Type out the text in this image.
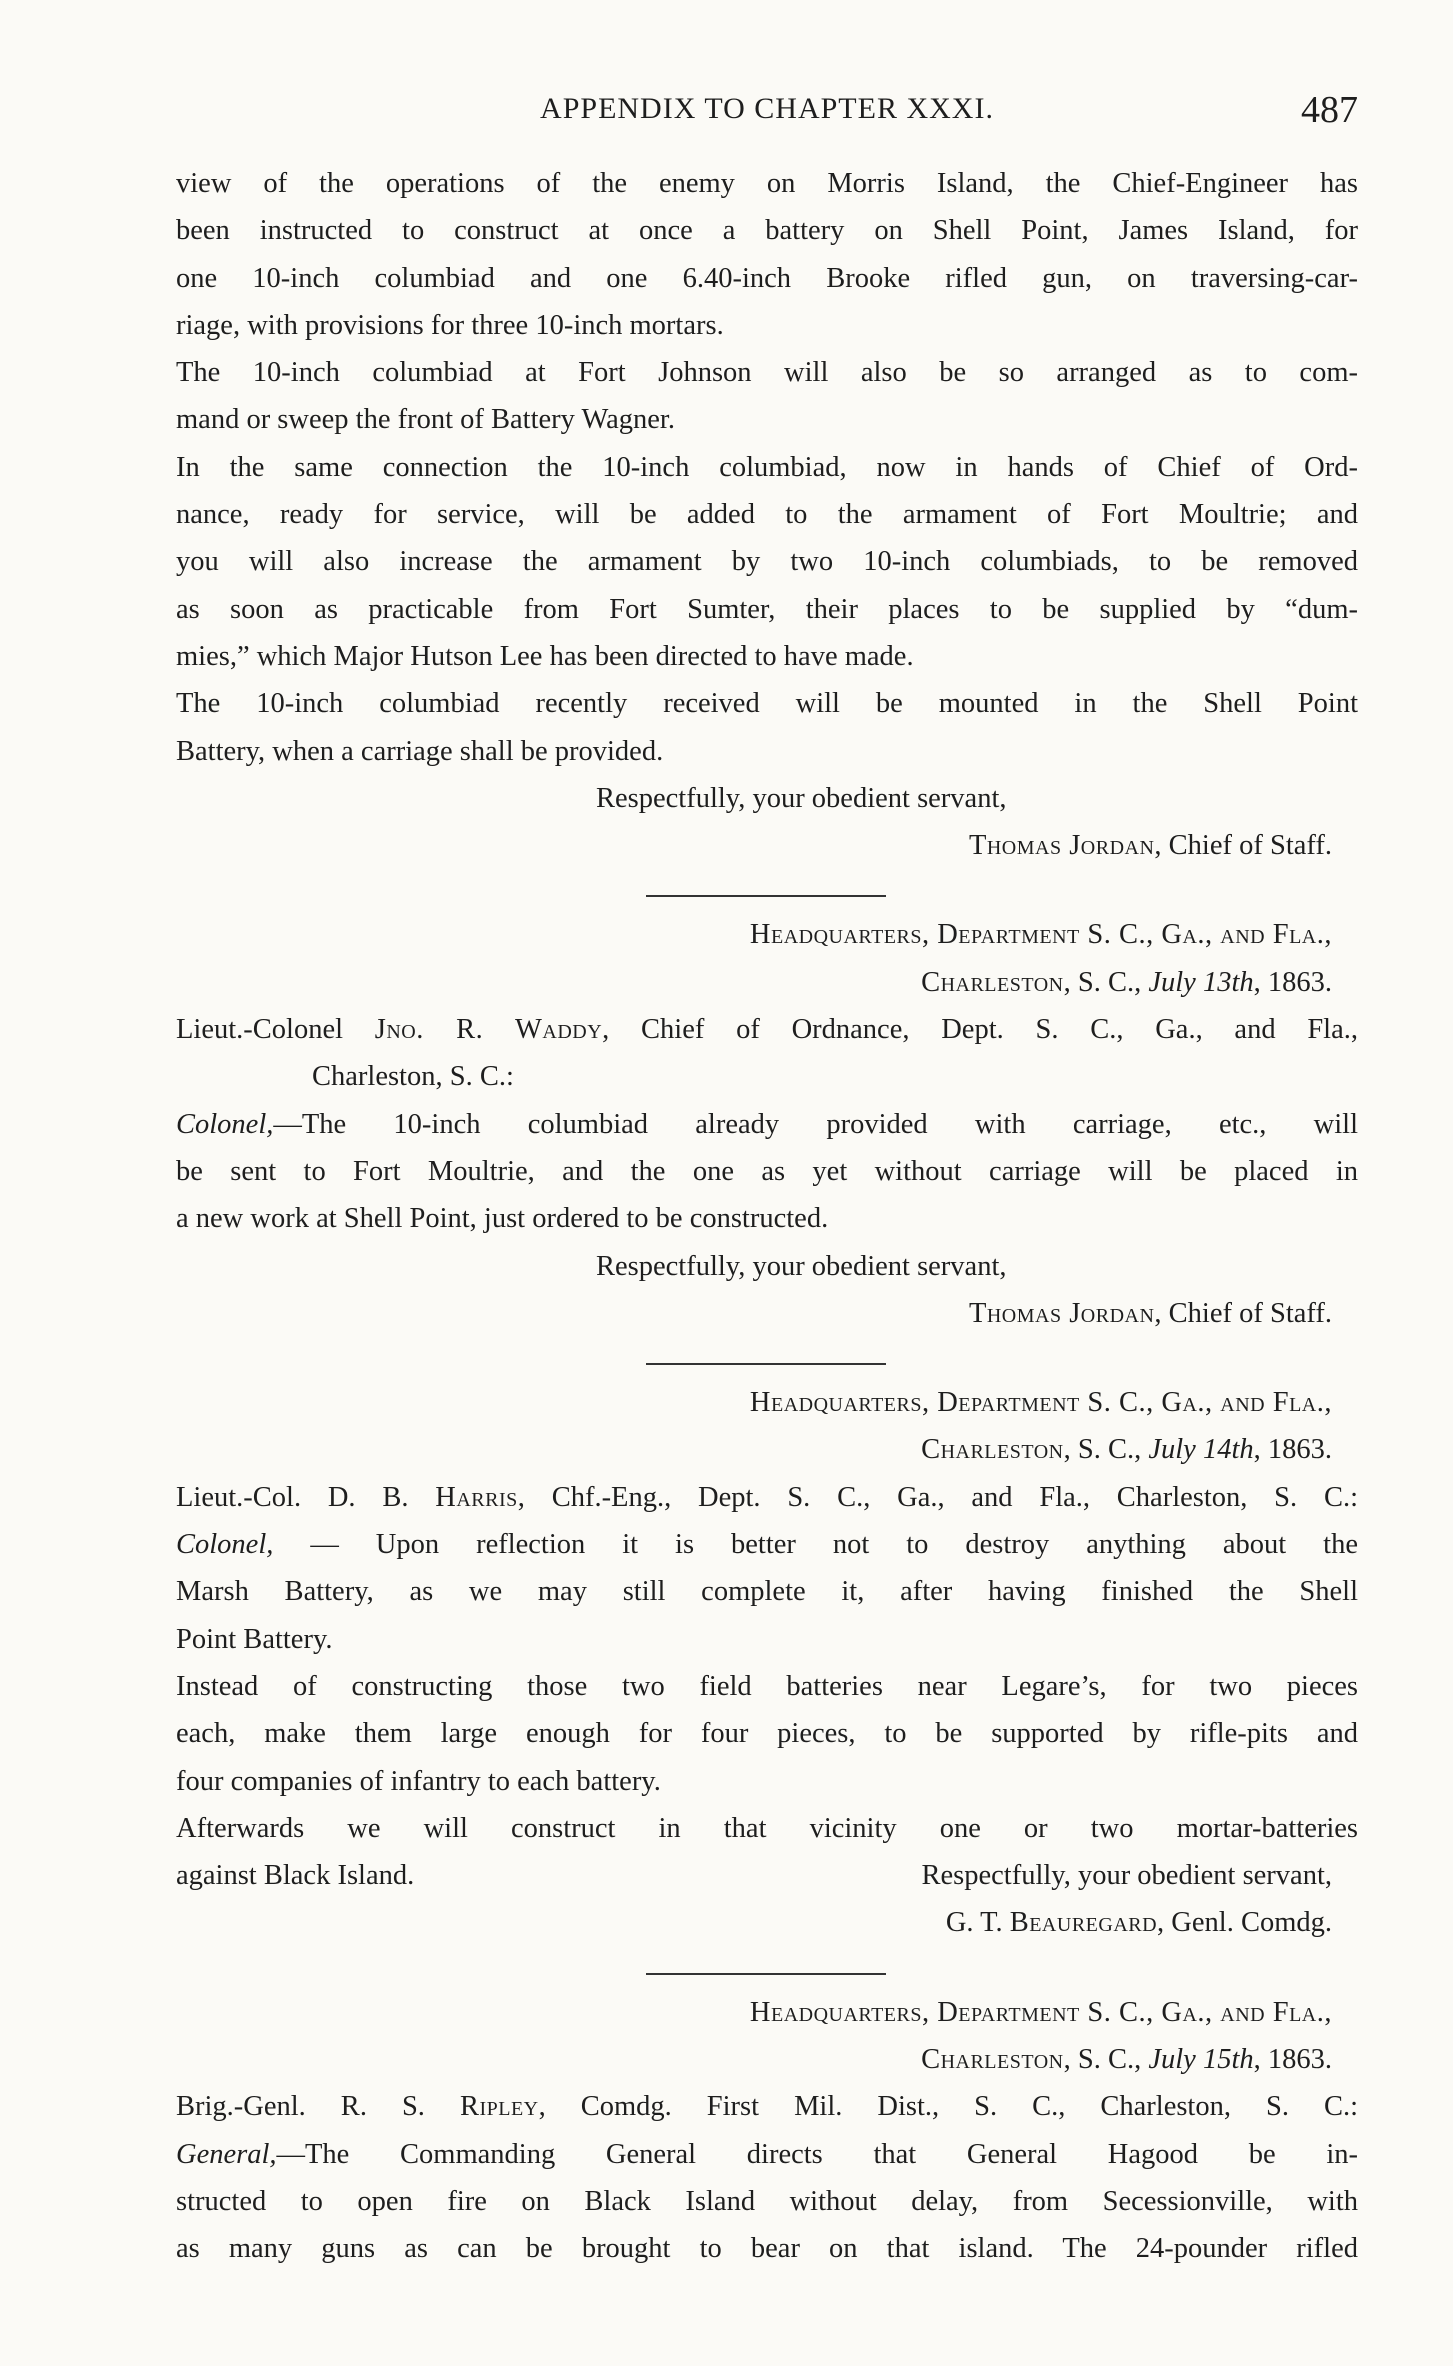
APPENDIX TO CHAPTER XXXI.	487
view of the operations of the enemy on Morris Island, the Chief-Engineer has
been instructed to construct at once a battery on Shell Point, James Island, for
one 10-inch columbiad and one 6.40-inch Brooke rifled gun, on traversing-car-
riage, with provisions for three 10-inch mortars.
The 10-inch columbiad at Fort Johnson will also be so arranged as to com-
mand or sweep the front of Battery Wagner.
In the same connection the 10-inch columbiad, now in hands of Chief of Ord-
nance, ready for service, will be added to the armament of Fort Moultrie; and
you will also increase the armament by two 10-inch columbiads, to be removed
as soon as practicable from Fort Sumter, their places to be supplied by “dum-
mies,” which Major Hutson Lee has been directed to have made.
The 10-inch columbiad recently received will be mounted in the Shell Point
Battery, when a carriage shall be provided.
Respectfully, your obedient servant,
Thomas Jordan, Chief of Staff.
Headquarters, Department S. C., Ga., and Fla.,
Charleston, S. C., July 13th, 1863.
Lieut.-Colonel Jno. R. Waddy, Chief of Ordnance, Dept. S. C., Ga., and Fla.,
Charleston, S. C.:
Colonel,—The 10-inch columbiad already provided with carriage, etc., will
be sent to Fort Moultrie, and the one as yet without carriage will be placed in
a new work at Shell Point, just ordered to be constructed.
Respectfully, your obedient servant,
Thomas Jordan, Chief of Staff.
Headquarters, Department S. C., Ga., and Fla.,
Charleston, S. C., July 14th, 1863.
Lieut.-Col. D. B. Harris, Chf.-Eng., Dept. S. C., Ga., and Fla., Charleston, S. C.:
Colonel, — Upon reflection it is better not to destroy anything about the
Marsh Battery, as we may still complete it, after having finished the Shell
Point Battery.
Instead of constructing those two field batteries near Legare’s, for two pieces
each, make them large enough for four pieces, to be supported by rifle-pits and
four companies of infantry to each battery.
Afterwards we will construct in that vicinity one or two mortar-batteries
against Black Island.	Respectfully, your obedient servant,
G. T. Beauregard, Genl. Comdg.
Headquarters, Department S. C., Ga., and Fla.,
Charleston, S. C., July 15th, 1863.
Brig.-Genl. R. S. Ripley, Comdg. First Mil. Dist., S. C., Charleston, S. C.:
General,—The Commanding General directs that General Hagood be in-
structed to open fire on Black Island without delay, from Secessionville, with
as many guns as can be brought to bear on that island. The 24-pounder rifled
